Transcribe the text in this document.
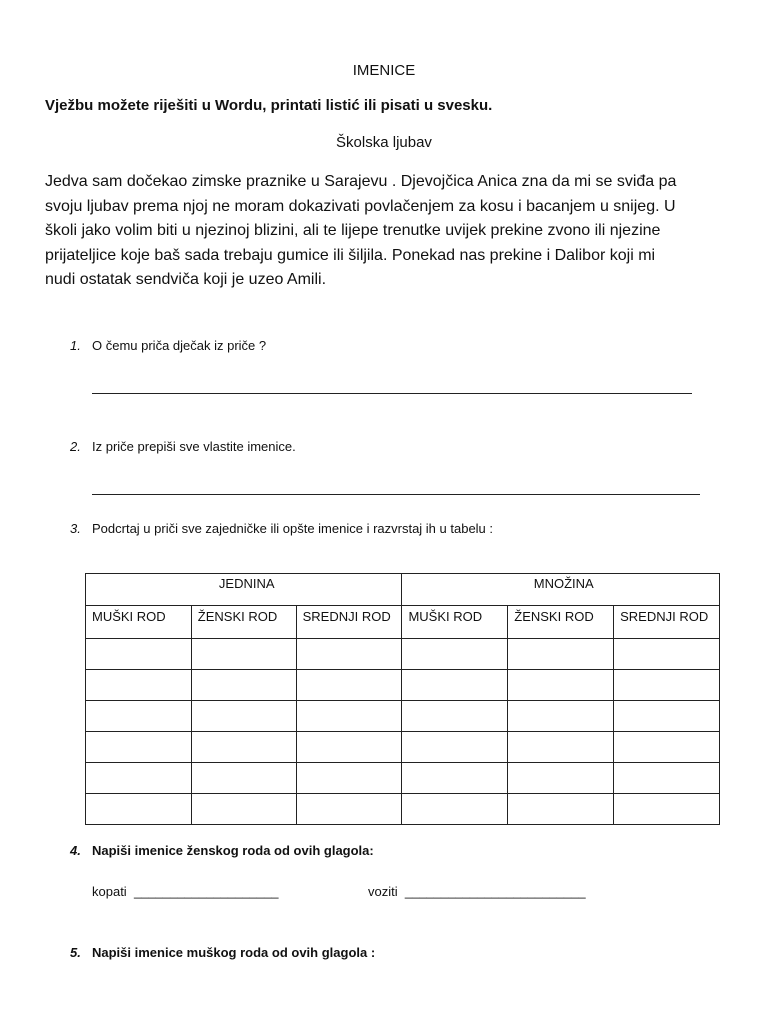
IMENICE
Vježbu možete riješiti u Wordu, printati listić ili pisati u svesku.
Školska ljubav
Jedva sam dočekao zimske praznike u Sarajevu . Djevojčica Anica zna da mi se sviđa pa
svoju ljubav prema njoj ne moram dokazivati povlačenjem za kosu i bacanjem u snijeg. U
školi jako volim biti u njezinoj blizini, ali te lijepe trenutke uvijek prekine zvono ili njezine
prijateljice koje baš sada trebaju gumice ili šiljila. Ponekad nas prekine i Dalibor koji mi
nudi ostatak sendviča koji je uzeo Amili.
1. O čemu priča dječak iz priče ?
2. Iz priče prepiši sve vlastite imenice.
3. Podcrtaj u priči sve zajedničke ili opšte imenice i razvrstaj ih u tabelu :
JEDNINA			MNOŽINA		
MUŠKI ROD	ŽENSKI ROD	SREDNJI ROD	MUŠKI ROD	ŽENSKI ROD	SREDNJI ROD

4. Napiši imenice ženskog roda od ovih glagola:
kopati ____________________	voziti _________________________
5. Napiši imenice muškog roda od ovih glagola :
